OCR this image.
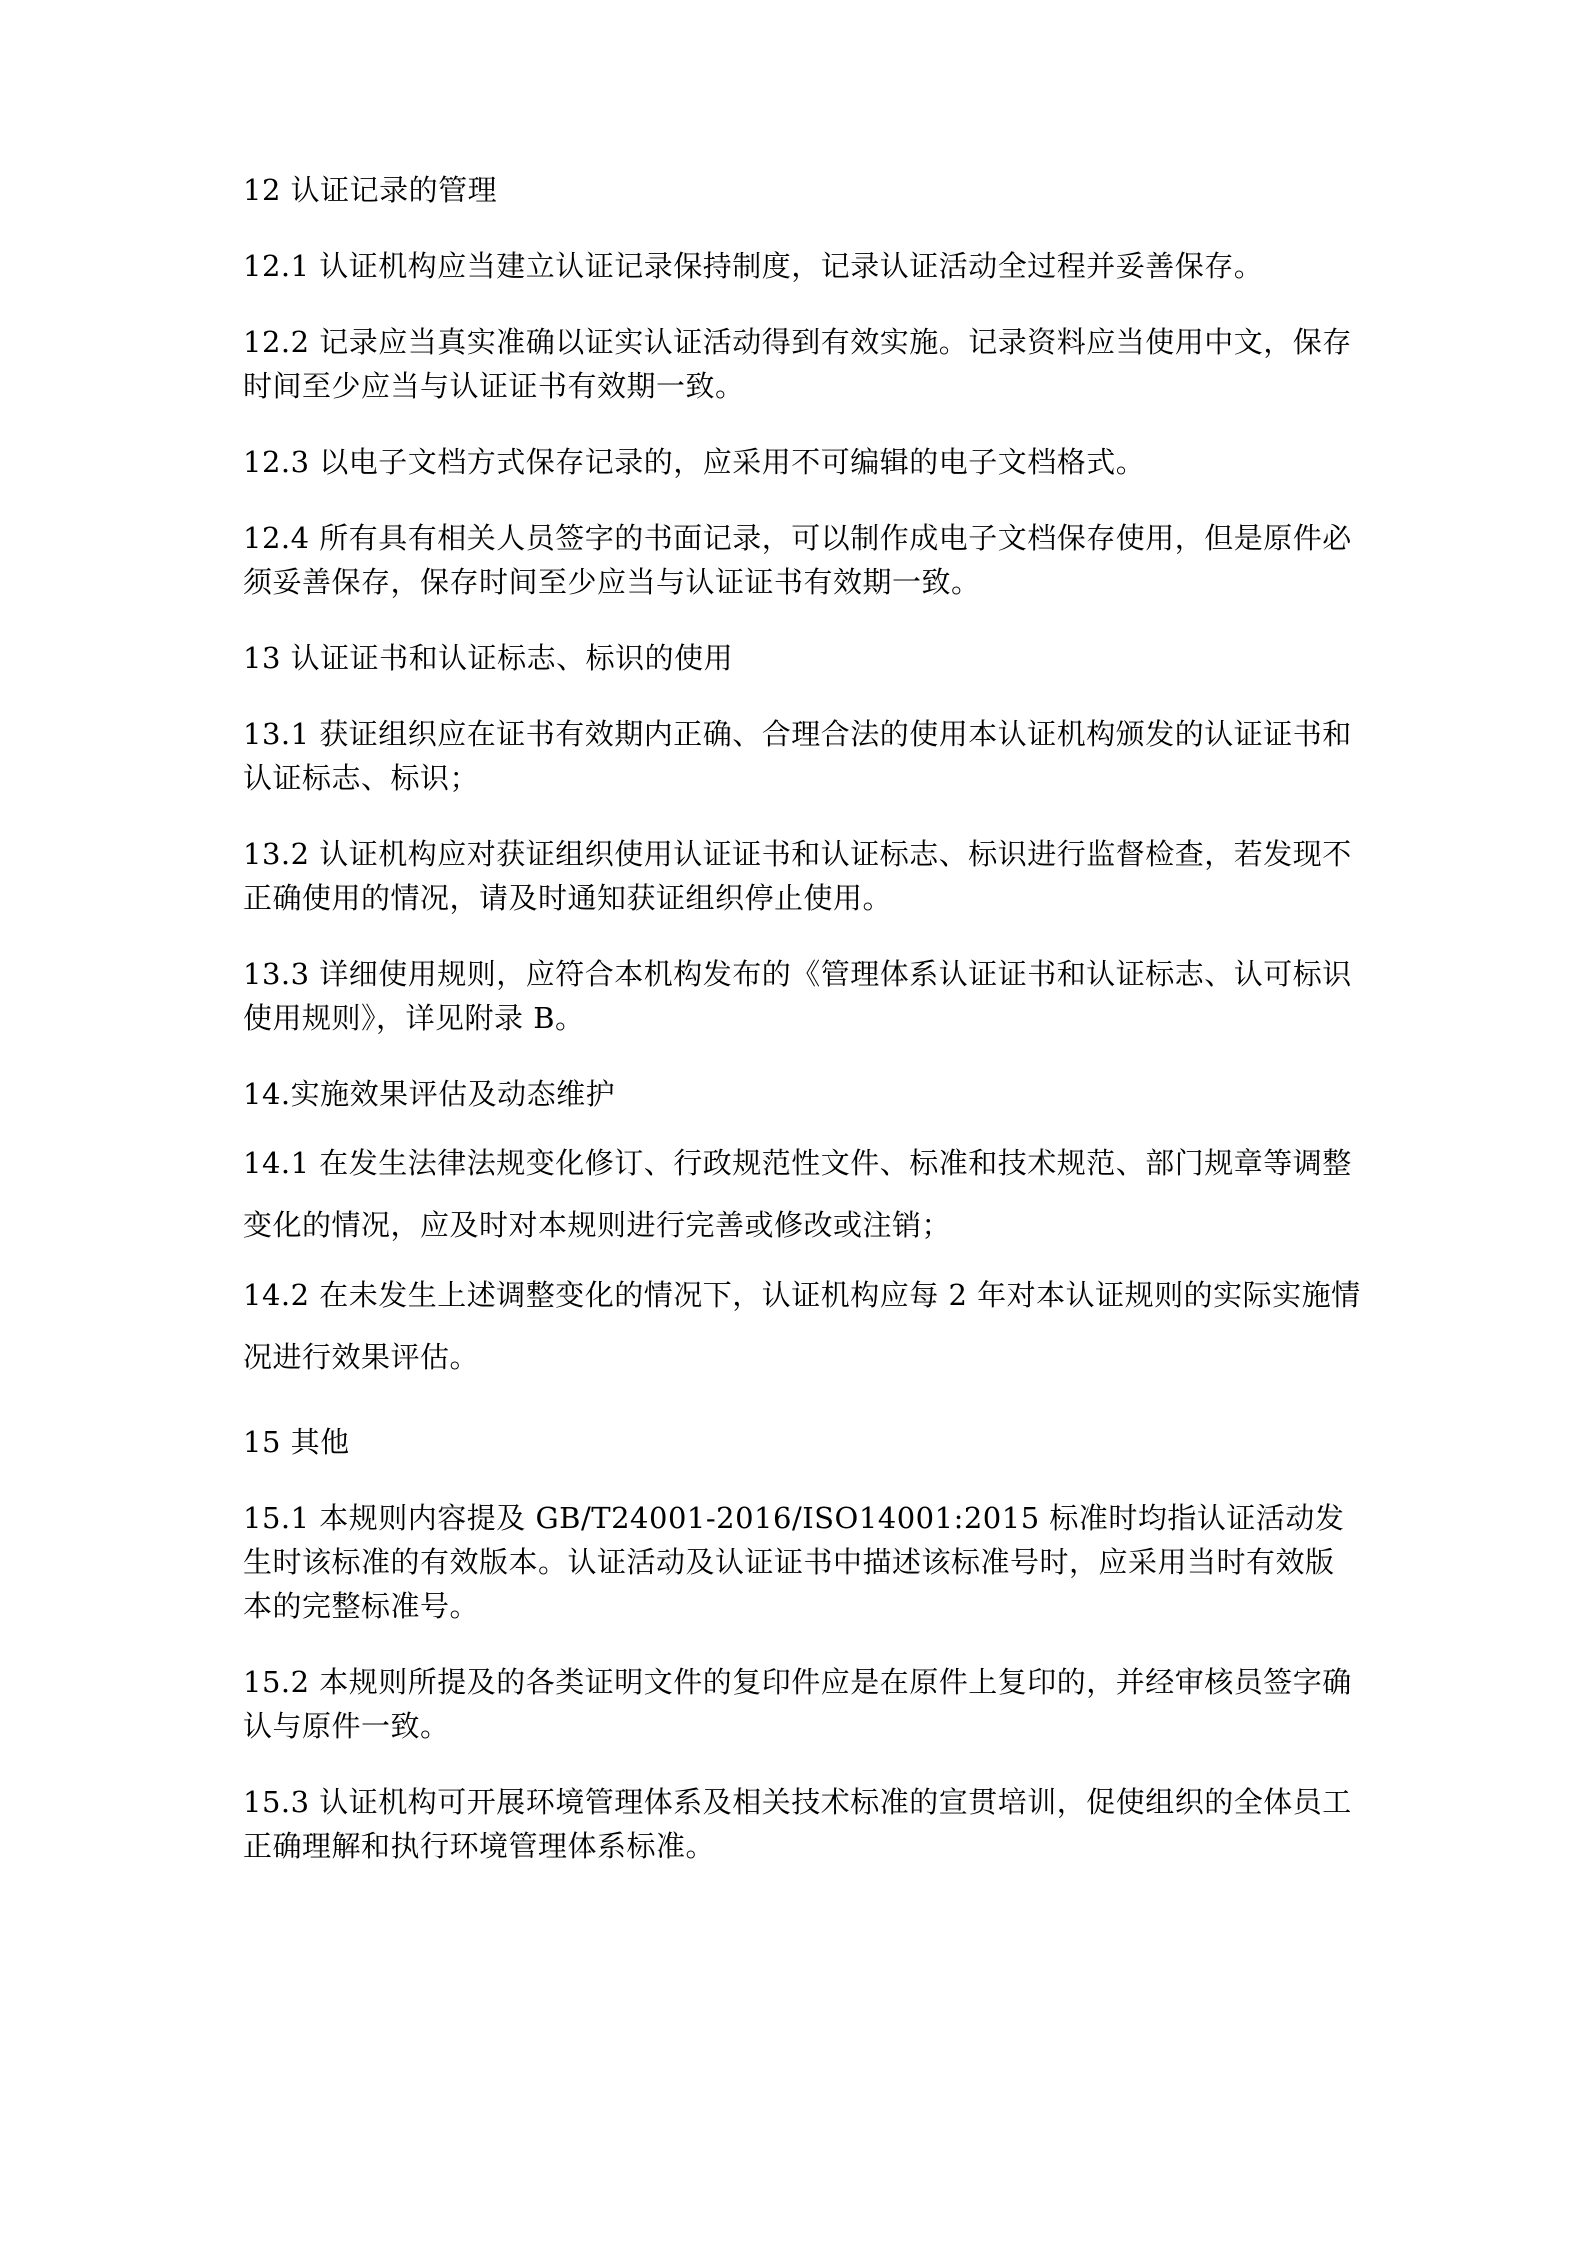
12 认证记录的管理

12.1 认证机构应当建立认证记录保持制度，记录认证活动全过程并妥善保存。

12.2 记录应当真实准确以证实认证活动得到有效实施。记录资料应当使用中文，保存时间至少应当与认证证书有效期一致。

12.3 以电子文档方式保存记录的，应采用不可编辑的电子文档格式。

12.4 所有具有相关人员签字的书面记录，可以制作成电子文档保存使用，但是原件必须妥善保存，保存时间至少应当与认证证书有效期一致。

13 认证证书和认证标志、标识的使用

13.1 获证组织应在证书有效期内正确、合理合法的使用本认证机构颁发的认证证书和认证标志、标识；

13.2 认证机构应对获证组织使用认证证书和认证标志、标识进行监督检查，若发现不正确使用的情况，请及时通知获证组织停止使用。

13.3 详细使用规则，应符合本机构发布的《管理体系认证证书和认证标志、认可标识使用规则》，详见附录 B。

14.实施效果评估及动态维护

14.1 在发生法律法规变化修订、行政规范性文件、标准和技术规范、部门规章等调整变化的情况，应及时对本规则进行完善或修改或注销；

14.2 在未发生上述调整变化的情况下，认证机构应每 2 年对本认证规则的实际实施情况进行效果评估。

15 其他

15.1 本规则内容提及 GB/T24001-2016/ISO14001:2015 标准时均指认证活动发生时该标准的有效版本。认证活动及认证证书中描述该标准号时，应采用当时有效版本的完整标准号。

15.2 本规则所提及的各类证明文件的复印件应是在原件上复印的，并经审核员签字确认与原件一致。

15.3 认证机构可开展环境管理体系及相关技术标准的宣贯培训，促使组织的全体员工正确理解和执行环境管理体系标准。
